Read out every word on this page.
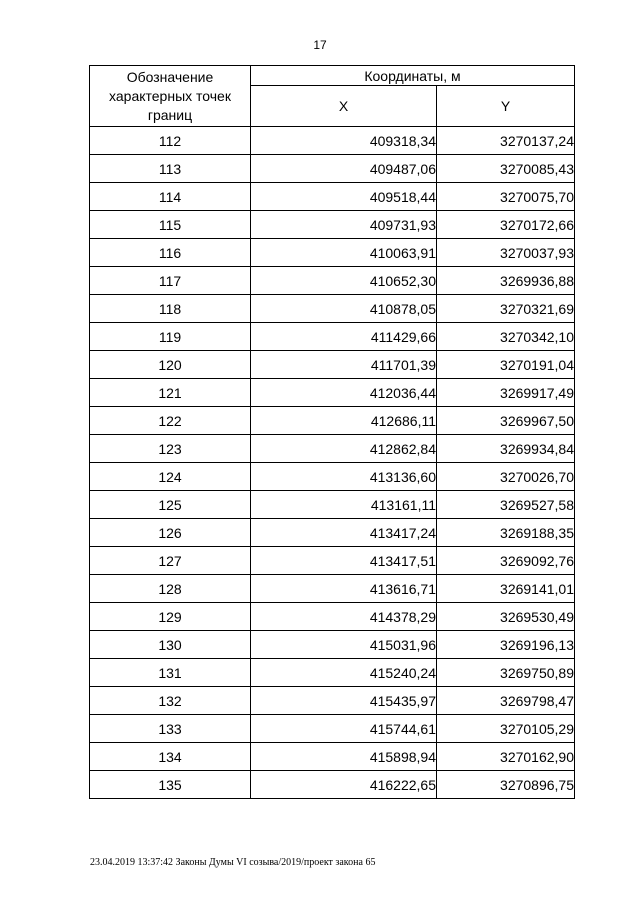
17
Обозначение характерных точек границ	Координаты, м	
	X	Y
112	409318,34	3270137,24
113	409487,06	3270085,43
114	409518,44	3270075,70
115	409731,93	3270172,66
116	410063,91	3270037,93
117	410652,30	3269936,88
118	410878,05	3270321,69
119	411429,66	3270342,10
120	411701,39	3270191,04
121	412036,44	3269917,49
122	412686,11	3269967,50
123	412862,84	3269934,84
124	413136,60	3270026,70
125	413161,11	3269527,58
126	413417,24	3269188,35
127	413417,51	3269092,76
128	413616,71	3269141,01
129	414378,29	3269530,49
130	415031,96	3269196,13
131	415240,24	3269750,89
132	415435,97	3269798,47
133	415744,61	3270105,29
134	415898,94	3270162,90
135	416222,65	3270896,75
23.04.2019 13:37:42 Законы Думы VI созыва/2019/проект закона 65
